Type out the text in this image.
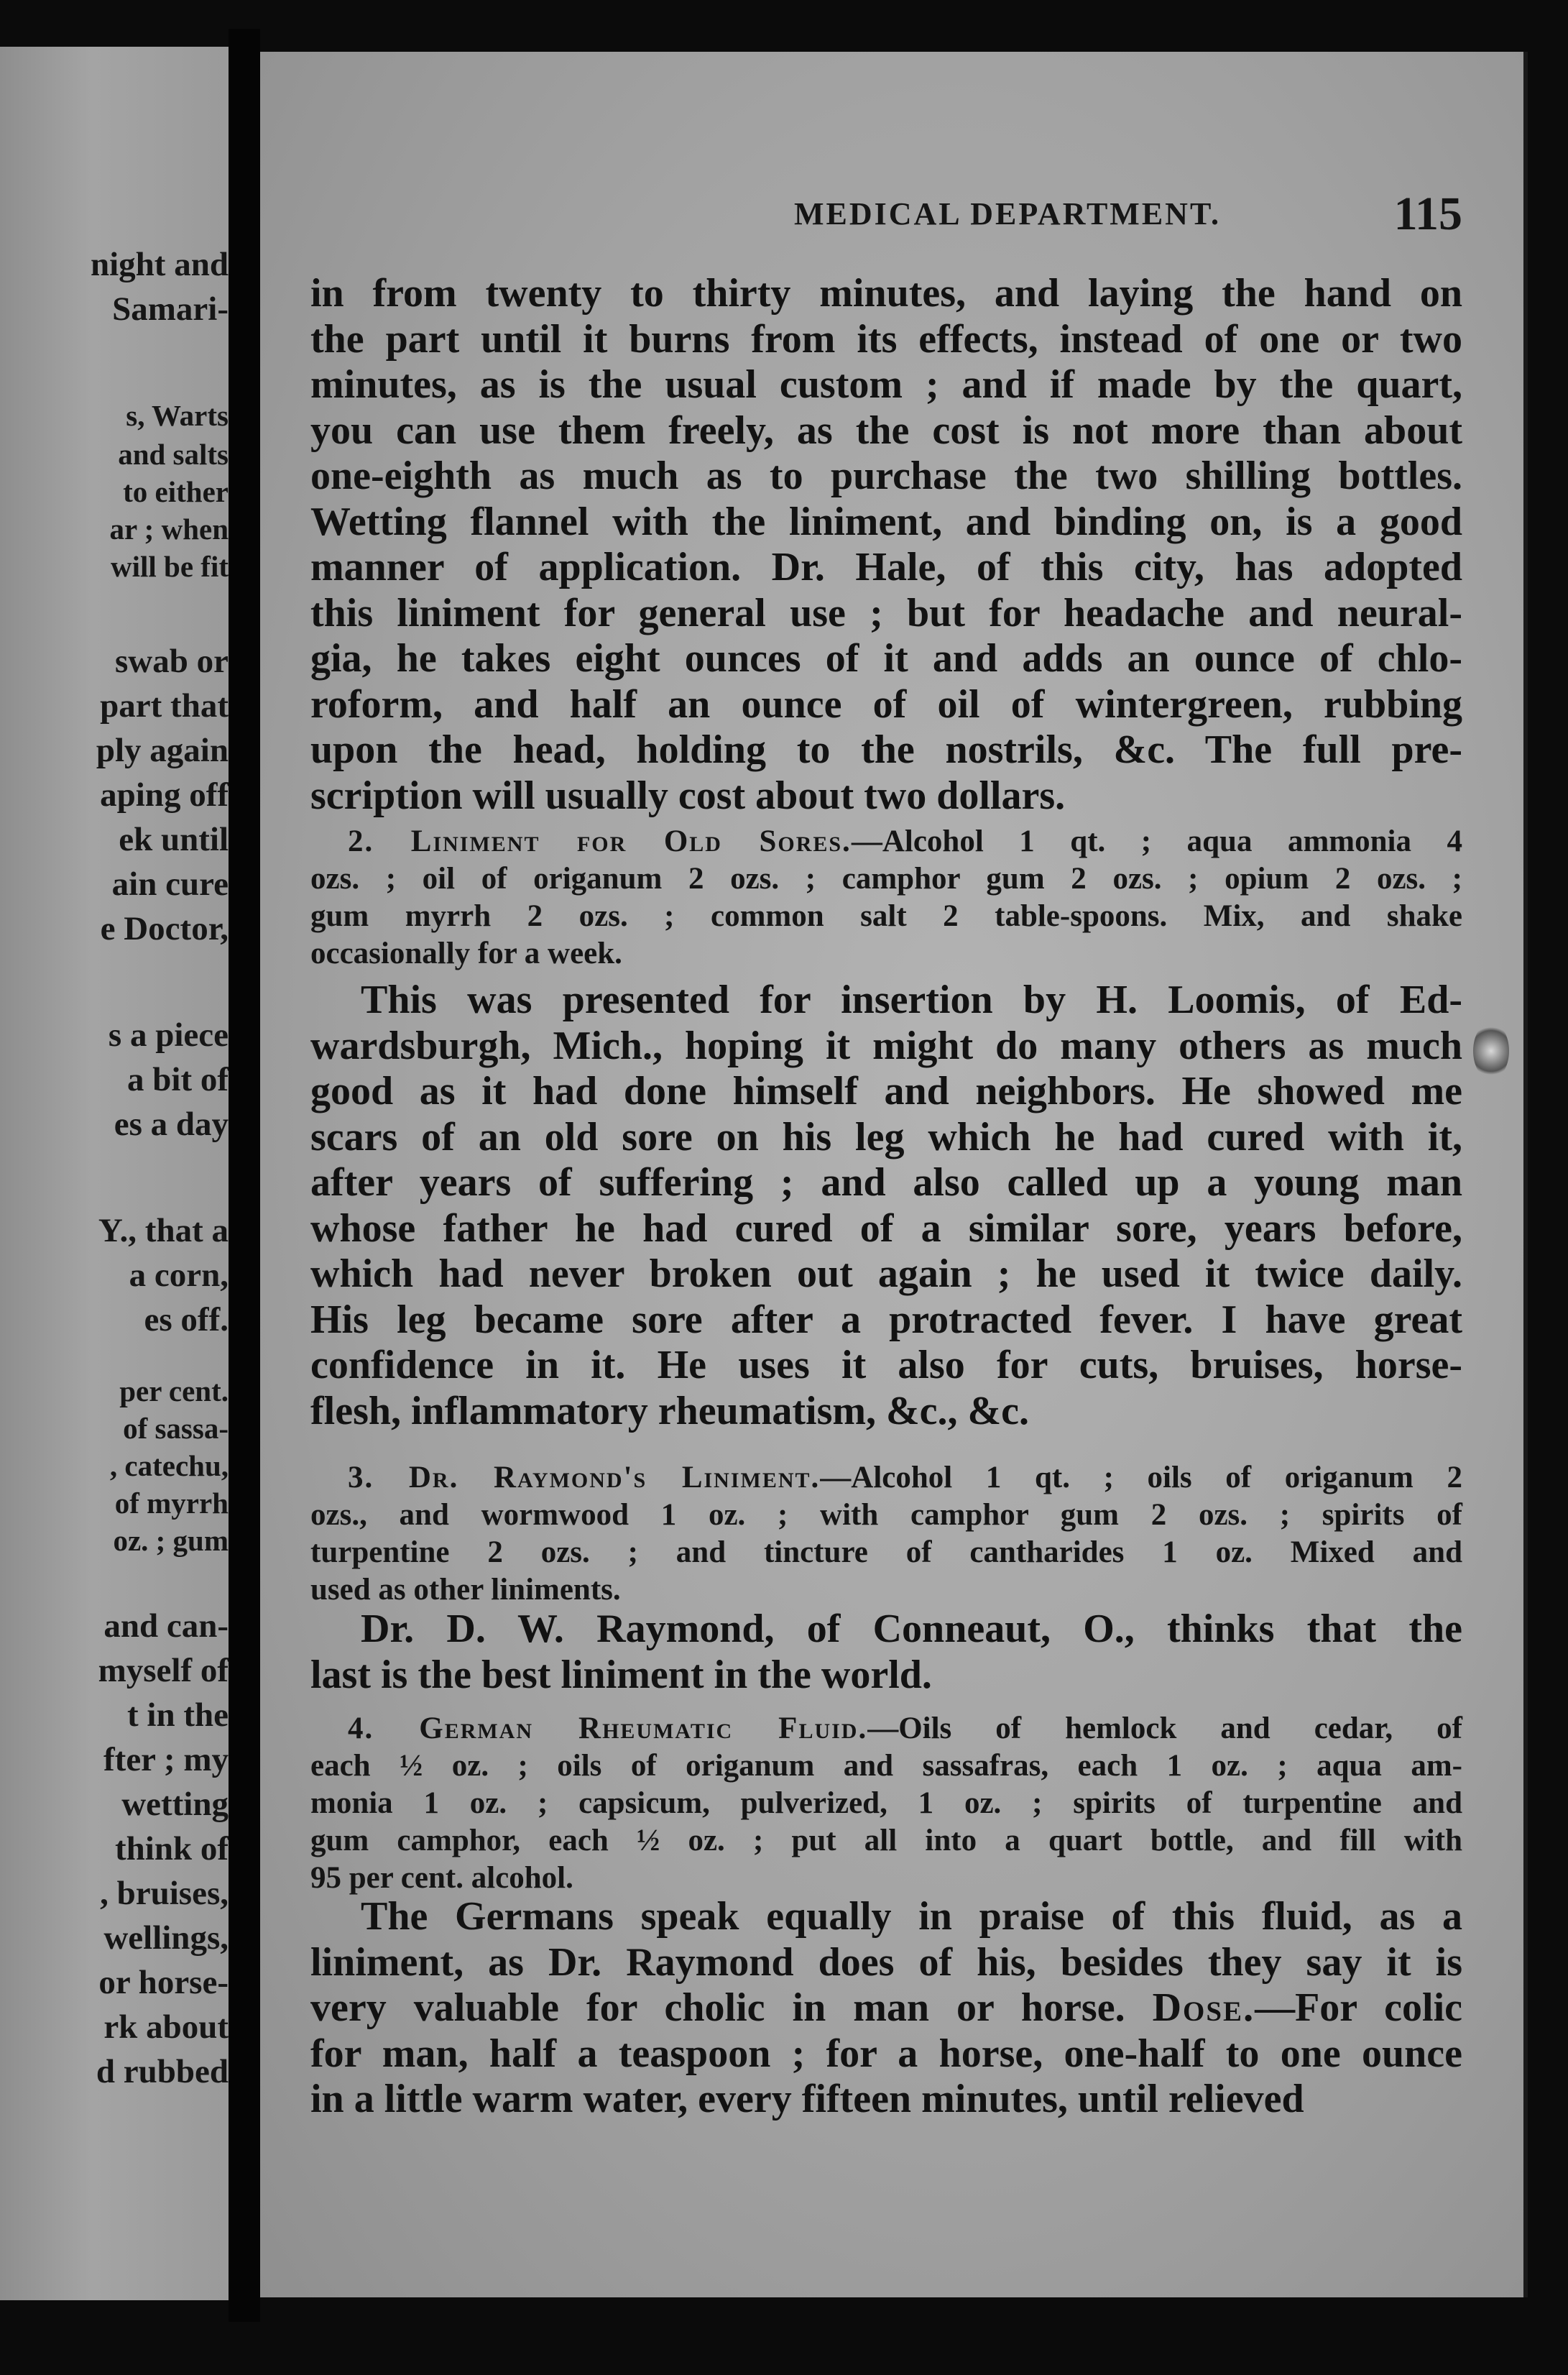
night and
Samari-
s, Warts
and salts
to either
ar ; when
will be fit
swab or
part that
ply again
aping off
ek until
ain cure
e Doctor,
s a piece
a bit of
es a day
Y., that a
a corn,
es off.
per cent.
of sassa-
, catechu,
of myrrh
oz. ; gum
and can-
myself of
t in the
fter ; my
wetting
think of
, bruises,
wellings,
or horse-
rk about
d rubbed
MEDICAL DEPARTMENT.	115

in from twenty to thirty minutes, and laying the hand on

the part until it burns from its effects, instead of one or two

minutes, as is the usual custom ; and if made by the quart,

you can use them freely, as the cost is not more than about

one-eighth as much as to purchase the two shilling bottles.

Wetting flannel with the liniment, and binding on, is a good

manner of application. Dr. Hale, of this city, has adopted

this liniment for general use ; but for headache and neural-

gia, he takes eight ounces of it and adds an ounce of chlo-

roform, and half an ounce of oil of wintergreen, rubbing

upon the head, holding to the nostrils, &c. The full pre-

scription will usually cost about two dollars.

2. Liniment for Old Sores.—Alcohol 1 qt. ; aqua ammonia 4

ozs. ; oil of origanum 2 ozs. ; camphor gum 2 ozs. ; opium 2 ozs. ;

gum myrrh 2 ozs. ; common salt 2 table-spoons. Mix, and shake

occasionally for a week.

This was presented for insertion by H. Loomis, of Ed-

wardsburgh, Mich., hoping it might do many others as much

good as it had done himself and neighbors. He showed me

scars of an old sore on his leg which he had cured with it,

after years of suffering ; and also called up a young man

whose father he had cured of a similar sore, years before,

which had never broken out again ; he used it twice daily.

His leg became sore after a protracted fever. I have great

confidence in it. He uses it also for cuts, bruises, horse-

flesh, inflammatory rheumatism, &c., &c.

3. Dr. Raymond's Liniment.—Alcohol 1 qt. ; oils of origanum 2

ozs., and wormwood 1 oz. ; with camphor gum 2 ozs. ; spirits of

turpentine 2 ozs. ; and tincture of cantharides 1 oz. Mixed and

used as other liniments.

Dr. D. W. Raymond, of Conneaut, O., thinks that the

last is the best liniment in the world.

4. German Rheumatic Fluid.—Oils of hemlock and cedar, of

each ½ oz. ; oils of origanum and sassafras, each 1 oz. ; aqua am-

monia 1 oz. ; capsicum, pulverized, 1 oz. ; spirits of turpentine and

gum camphor, each ½ oz. ; put all into a quart bottle, and fill with

95 per cent. alcohol.

The Germans speak equally in praise of this fluid, as a

liniment, as Dr. Raymond does of his, besides they say it is

very valuable for cholic in man or horse. Dose.—For colic

for man, half a teaspoon ; for a horse, one-half to one ounce

in a little warm water, every fifteen minutes, until relieved
